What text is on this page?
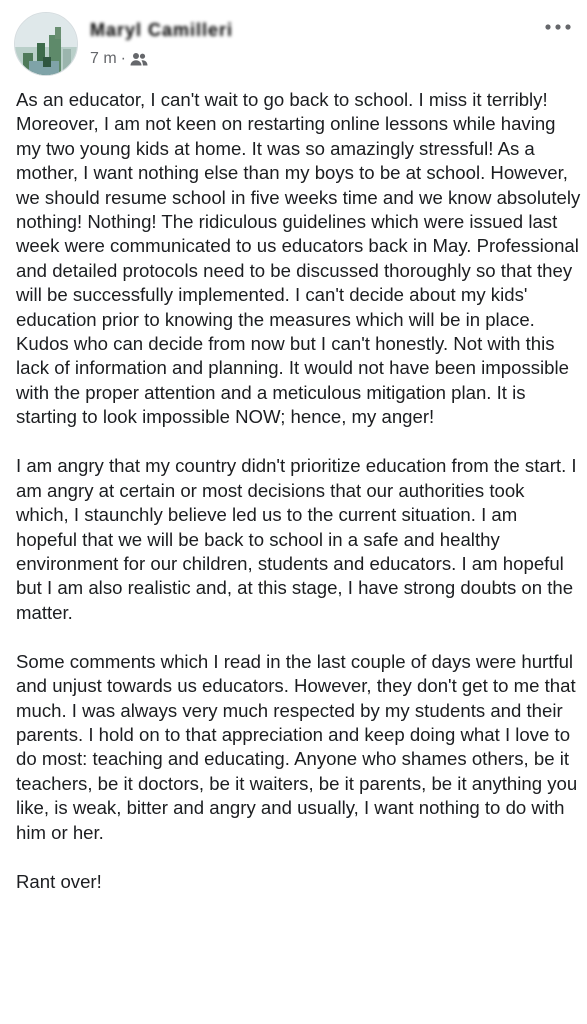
Maryl Camilleri
7 m ·

As an educator, I can't wait to go back to school. I miss it terribly! Moreover, I am not keen on restarting online lessons while having my two young kids at home. It was so amazingly stressful! As a mother, I want nothing else than my boys to be at school. However, we should resume school in five weeks time and we know absolutely nothing! Nothing! The ridiculous guidelines which were issued last week were communicated to us educators back in May. Professional and detailed protocols need to be discussed thoroughly so that they will be successfully implemented. I can't decide about my kids' education prior to knowing the measures which will be in place. Kudos who can decide from now but I can't honestly. Not with this lack of information and planning. It would not have been impossible with the proper attention and a meticulous mitigation plan. It is starting to look impossible NOW; hence, my anger!

I am angry that my country didn't prioritize education from the start. I am angry at certain or most decisions that our authorities took which, I staunchly believe led us to the current situation. I am hopeful that we will be back to school in a safe and healthy environment for our children, students and educators. I am hopeful but I am also realistic and, at this stage, I have strong doubts on the matter.

Some comments which I read in the last couple of days were hurtful and unjust towards us educators. However, they don't get to me that much. I was always very much respected by my students and their parents. I hold on to that appreciation and keep doing what I love to do most: teaching and educating. Anyone who shames others, be it teachers, be it doctors, be it waiters, be it parents, be it anything you like, is weak, bitter and angry and usually, I want nothing to do with him or her.

Rant over!
